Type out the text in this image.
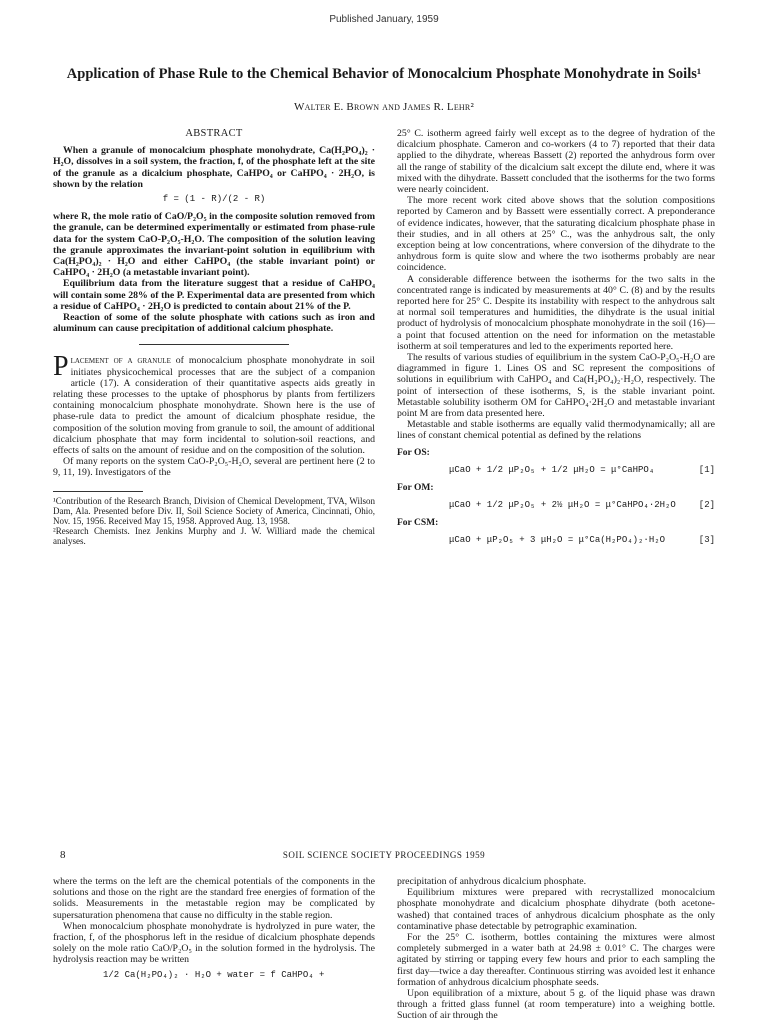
Published January, 1959
Application of Phase Rule to the Chemical Behavior of Monocalcium Phosphate Monohydrate in Soils¹
Walter E. Brown and James R. Lehr²
ABSTRACT

When a granule of monocalcium phosphate monohydrate, Ca(H₂PO₄)₂ · H₂O, dissolves in a soil system, the fraction, f, of the phosphate left at the site of the granule as a dicalcium phosphate, CaHPO₄ or CaHPO₄ · 2H₂O, is shown by the relation

f = (1 - R)/(2 - R)

where R, the mole ratio of CaO/P₂O₅ in the composite solution removed from the granule, can be determined experimentally or estimated from phase-rule data for the system CaO-P₂O₅-H₂O. The composition of the solution leaving the granule approximates the invariant-point solution in equilibrium with Ca(H₂PO₄)₂ · H₂O and either CaHPO₄ (the stable invariant point) or CaHPO₄ · 2H₂O (a metastable invariant point).

Equilibrium data from the literature suggest that a residue of CaHPO₄ will contain some 28% of the P. Experimental data are presented from which a residue of CaHPO₄ · 2H₂O is predicted to contain about 21% of the P.

Reaction of some of the solute phosphate with cations such as iron and aluminum can cause precipitation of additional calcium phosphate.

Placement of a granule of monocalcium phosphate monohydrate in soil initiates physicochemical processes that are the subject of a companion article (17). A consideration of their quantitative aspects aids greatly in relating these processes to the uptake of phosphorus by plants from fertilizers containing monocalcium phosphate monohydrate. Shown here is the use of phase-rule data to predict the amount of dicalcium phosphate residue, the composition of the solution moving from granule to soil, the amount of additional dicalcium phosphate that may form incidental to solution-soil reactions, and effects of salts on the amount of residue and on the composition of the solution.

Of many reports on the system CaO-P₂O₅-H₂O, several are pertinent here (2 to 9, 11, 19). Investigators of the

¹Contribution of the Research Branch, Division of Chemical Development, TVA, Wilson Dam, Ala. Presented before Div. II, Soil Science Society of America, Cincinnati, Ohio, Nov. 15, 1956. Received May 15, 1958. Approved Aug. 13, 1958.

²Research Chemists. Inez Jenkins Murphy and J. W. Williard made the chemical analyses.

25° C. isotherm agreed fairly well except as to the degree of hydration of the dicalcium phosphate. Cameron and co-workers (4 to 7) reported that their data applied to the dihydrate, whereas Bassett (2) reported the anhydrous form over all the range of stability of the dicalcium salt except the dilute end, where it was mixed with the dihydrate. Bassett concluded that the isotherms for the two forms were nearly coincident.

The more recent work cited above shows that the solution compositions reported by Cameron and by Bassett were essentially correct. A preponderance of evidence indicates, however, that the saturating dicalcium phosphate phase in their studies, and in all others at 25° C., was the anhydrous salt, the only exception being at low concentrations, where conversion of the dihydrate to the anhydrous form is quite slow and where the two isotherms probably are near coincidence.

A considerable difference between the isotherms for the two salts in the concentrated range is indicated by measurements at 40° C. (8) and by the results reported here for 25° C. Despite its instability with respect to the anhydrous salt at normal soil temperatures and humidities, the dihydrate is the usual initial product of hydrolysis of monocalcium phosphate monohydrate in the soil (16)—a point that focused attention on the need for information on the metastable isotherm at soil temperatures and led to the experiments reported here.

The results of various studies of equilibrium in the system CaO-P₂O₅-H₂O are diagrammed in figure 1. Lines OS and SC represent the compositions of solutions in equilibrium with CaHPO₄ and Ca(H₂PO₄)₂·H₂O, respectively. The point of intersection of these isotherms, S, is the stable invariant point. Metastable solubility isotherm OM for CaHPO₄·2H₂O and metastable invariant point M are from data presented here.

Metastable and stable isotherms are equally valid thermodynamically; all are lines of constant chemical potential as defined by the relations

For OS:
μCaO + 1/2 μP₂O₅ + 1/2 μH₂O = μ°CaHPO₄	[1]
For OM:
μCaO + 1/2 μP₂O₅ + 2½ μH₂O = μ°CaHPO₄·2H₂O	[2]
For CSM:
μCaO + μP₂O₅ + 3 μH₂O = μ°Ca(H₂PO₄)₂·H₂O	[3]
8	SOIL SCIENCE SOCIETY PROCEEDINGS 1959

where the terms on the left are the chemical potentials of the components in the solutions and those on the right are the standard free energies of formation of the solids. Measurements in the metastable region may be complicated by supersaturation phenomena that cause no difficulty in the stable region.

When monocalcium phosphate monohydrate is hydrolyzed in pure water, the fraction, f, of the phosphorus left in the residue of dicalcium phosphate depends solely on the mole ratio CaO/P₂O₅ in the solution formed in the hydrolysis. The hydrolysis reaction may be written

1/2 Ca(H₂PO₄)₂ · H₂O + water = f CaHPO₄ +

precipitation of anhydrous dicalcium phosphate.

Equilibrium mixtures were prepared with recrystallized monocalcium phosphate monohydrate and dicalcium phosphate dihydrate (both acetone-washed) that contained traces of anhydrous dicalcium phosphate as the only contaminative phase detectable by petrographic examination.

For the 25° C. isotherm, bottles containing the mixtures were almost completely submerged in a water bath at 24.98 ± 0.01° C. The charges were agitated by stirring or tapping every few hours and prior to each sampling the first day—twice a day thereafter. Continuous stirring was avoided lest it enhance formation of anhydrous dicalcium phosphate seeds.

Upon equilibration of a mixture, about 5 g. of the liquid phase was drawn through a fritted glass funnel (at room temperature) into a weighing bottle. Suction of air through the
